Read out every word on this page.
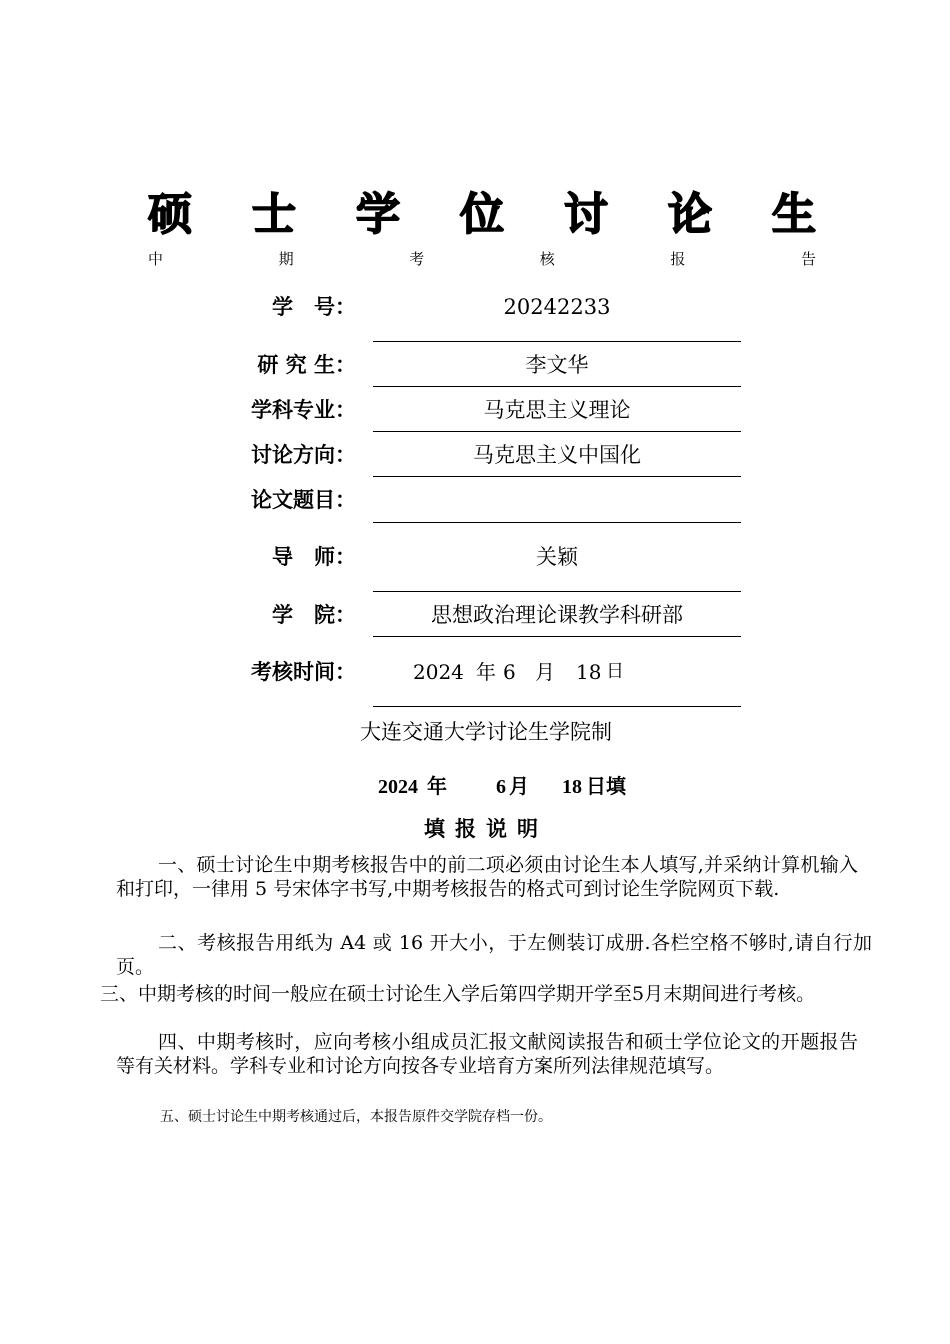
硕 士 学 位 讨 论 生
中	期	考	核	报	告
学　号：	20242233
研 究 生：	李文华
学科专业：	马克思主义理论
讨论方向：	马克思主义中国化
论文题目：
导　师：	关颖
学　院：	思想政治理论课教学科研部
考核时间：	2024 年 6 月 18 日
大连交通大学讨论生学院制
2024 年 6 月 18 日填
填报说明
一、硕士讨论生中期考核报告中的前二项必须由讨论生本人填写,并采纳计算机输入和打印，一律用 5 号宋体字书写,中期考核报告的格式可到讨论生学院网页下载.
二、考核报告用纸为 A4 或 16 开大小，于左侧装订成册.各栏空格不够时,请自行加页。
三、中期考核的时间一般应在硕士讨论生入学后第四学期开学至5月末期间进行考核。
四、中期考核时，应向考核小组成员汇报文献阅读报告和硕士学位论文的开题报告等有关材料。学科专业和讨论方向按各专业培育方案所列法律规范填写。
五、硕士讨论生中期考核通过后，本报告原件交学院存档一份。
